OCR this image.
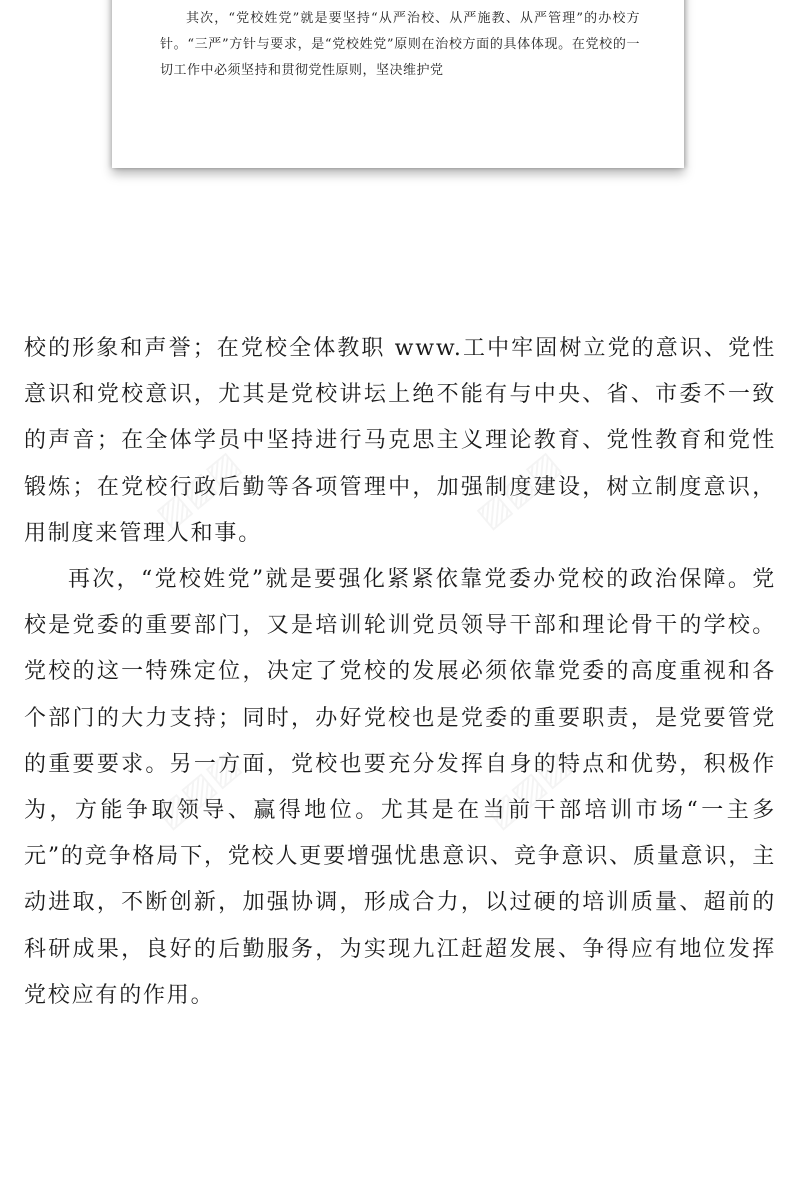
其次，“党校姓党”就是要坚持“从严治校、从严施教、从严管理”的办校方针。“三严”方针与要求，是“党校姓党”原则在治校方面的具体体现。在党校的一切工作中必须坚持和贯彻党性原则，坚决维护党

校的形象和声誉；在党校全体教职 www.工中牢固树立党的意识、党性意识和党校意识，尤其是党校讲坛上绝不能有与中央、省、市委不一致的声音；在全体学员中坚持进行马克思主义理论教育、党性教育和党性锻炼；在党校行政后勤等各项管理中，加强制度建设，树立制度意识，用制度来管理人和事。

再次，“党校姓党”就是要强化紧紧依靠党委办党校的政治保障。党校是党委的重要部门，又是培训轮训党员领导干部和理论骨干的学校。党校的这一特殊定位，决定了党校的发展必须依靠党委的高度重视和各个部门的大力支持；同时，办好党校也是党委的重要职责，是党要管党的重要要求。另一方面，党校也要充分发挥自身的特点和优势，积极作为，方能争取领导、赢得地位。尤其是在当前干部培训市场“一主多元”的竞争格局下，党校人更要增强忧患意识、竞争意识、质量意识，主动进取，不断创新，加强协调，形成合力，以过硬的培训质量、超前的科研成果，良好的后勤服务，为实现九江赶超发展、争得应有地位发挥党校应有的作用。

▨▨▨	▨▨▨
▨▨▨	▨▨▨
